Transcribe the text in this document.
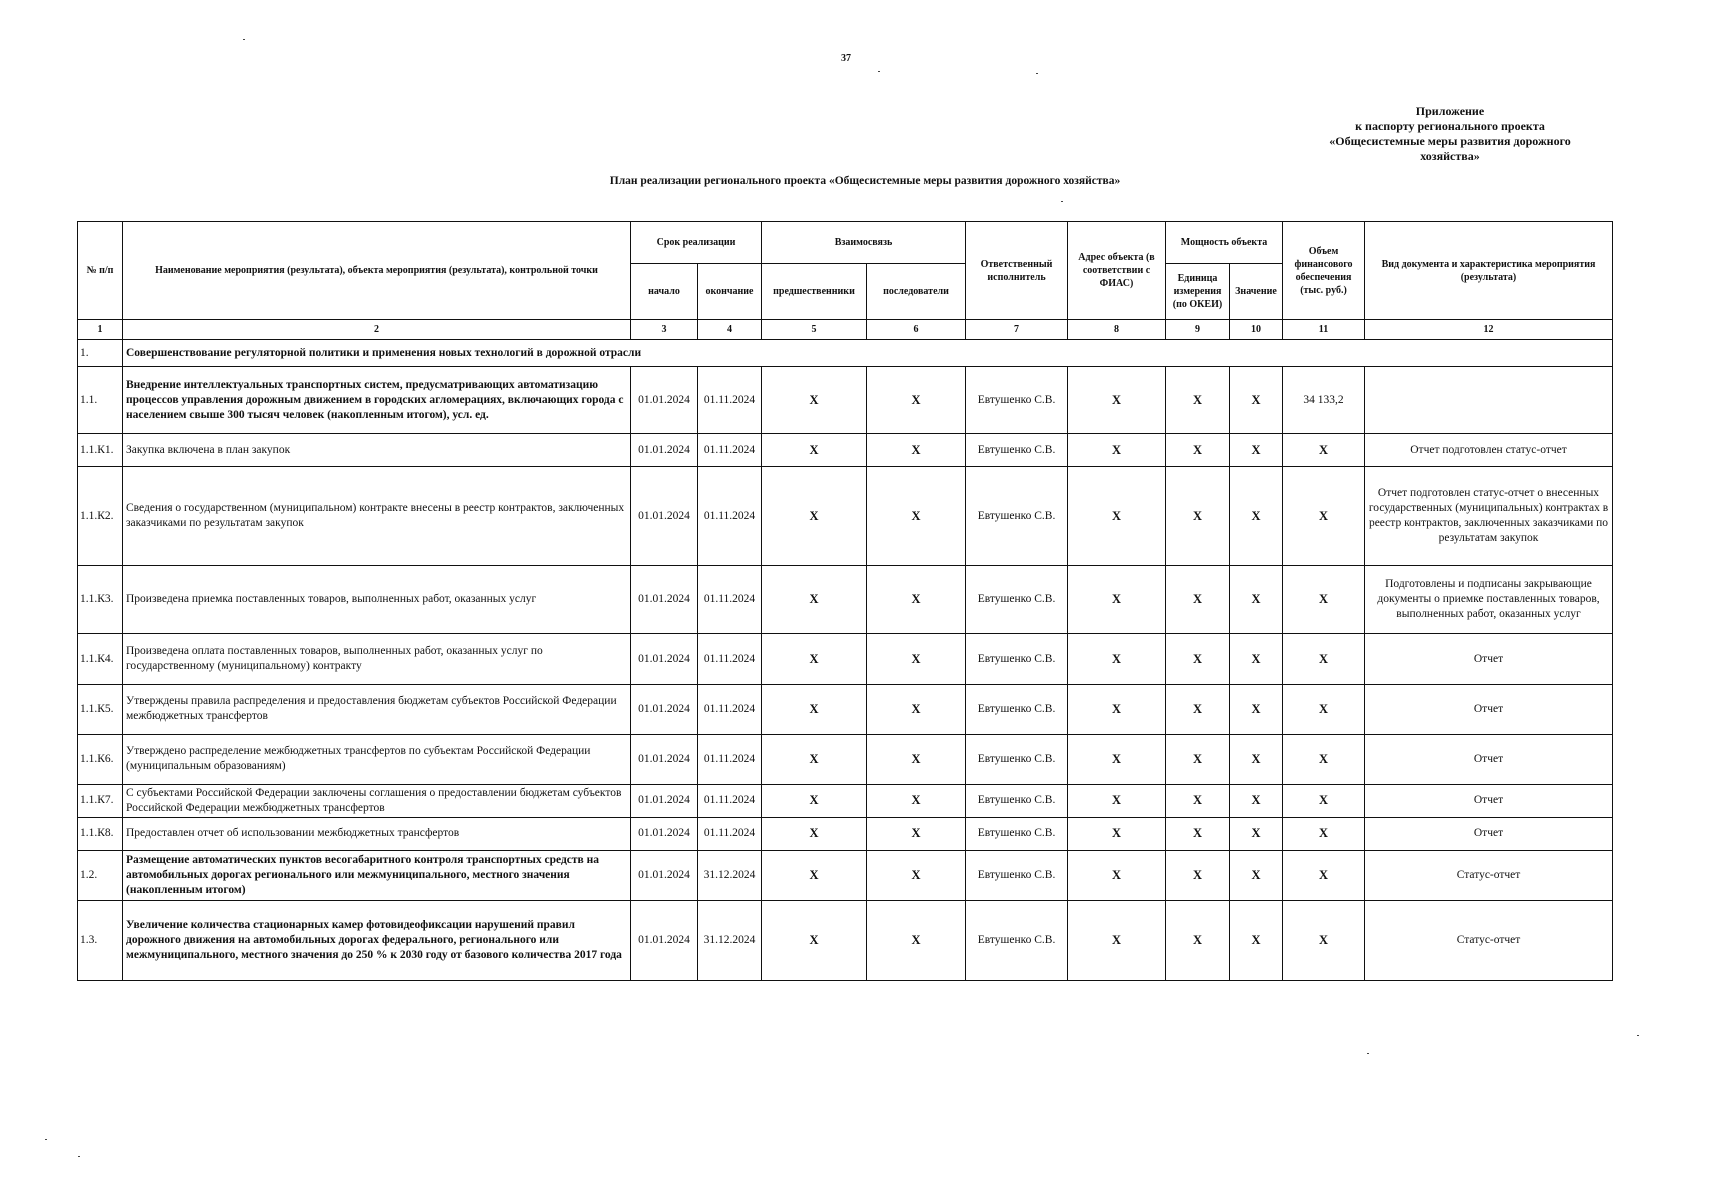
37
Приложение
к паспорту регионального проекта
«Общесистемные меры развития дорожного
хозяйства»
План реализации регионального проекта «Общесистемные меры развития дорожного хозяйства»
№ п/п	Наименование мероприятия (результата), объекта мероприятия (результата), контрольной точки	Срок реализации		Взаимосвязь		Ответственный исполнитель	Адрес объекта (в соответствии с ФИАС)	Мощность объекта		Объем финансового обеспечения (тыс. руб.)	Вид документа и характеристика мероприятия (результата)
		начало	окончание	предшественники	последователи			Единица измерения (по ОКЕИ)	Значение		
1	2	3	4	5	6	7	8	9	10	11	12
1.	Совершенствование регуляторной политики и применения новых технологий в дорожной отрасли										
1.1.	Внедрение интеллектуальных транспортных систем, предусматривающих автоматизацию процессов управления дорожным движением в городских агломерациях, включающих города с населением свыше 300 тысяч человек (накопленным итогом), усл. ед.	01.01.2024	01.11.2024	X	X	Евтушенко С.В.	X	X	X	34 133,2	
1.1.К1.	Закупка включена в план закупок	01.01.2024	01.11.2024	X	X	Евтушенко С.В.	X	X	X	X	Отчет подготовлен статус-отчет
1.1.К2.	Сведения о государственном (муниципальном) контракте внесены в реестр контрактов, заключенных заказчиками по результатам закупок	01.01.2024	01.11.2024	X	X	Евтушенко С.В.	X	X	X	X	Отчет подготовлен статус-отчет о внесенных государственных (муниципальных) контрактах в реестр контрактов, заключенных заказчиками по результатам закупок
1.1.К3.	Произведена приемка поставленных товаров, выполненных работ, оказанных услуг	01.01.2024	01.11.2024	X	X	Евтушенко С.В.	X	X	X	X	Подготовлены и подписаны закрывающие документы о приемке поставленных товаров, выполненных работ, оказанных услуг
1.1.К4.	Произведена оплата поставленных товаров, выполненных работ, оказанных услуг по государственному (муниципальному) контракту	01.01.2024	01.11.2024	X	X	Евтушенко С.В.	X	X	X	X	Отчет
1.1.К5.	Утверждены правила распределения и предоставления бюджетам субъектов Российской Федерации межбюджетных трансфертов	01.01.2024	01.11.2024	X	X	Евтушенко С.В.	X	X	X	X	Отчет
1.1.К6.	Утверждено распределение межбюджетных трансфертов по субъектам Российской Федерации (муниципальным образованиям)	01.01.2024	01.11.2024	X	X	Евтушенко С.В.	X	X	X	X	Отчет
1.1.К7.	С субъектами Российской Федерации заключены соглашения о предоставлении бюджетам субъектов Российской Федерации межбюджетных трансфертов	01.01.2024	01.11.2024	X	X	Евтушенко С.В.	X	X	X	X	Отчет
1.1.К8.	Предоставлен отчет об использовании межбюджетных трансфертов	01.01.2024	01.11.2024	X	X	Евтушенко С.В.	X	X	X	X	Отчет
1.2.	Размещение автоматических пунктов весогабаритного контроля транспортных средств на автомобильных дорогах регионального или межмуниципального, местного значения (накопленным итогом)	01.01.2024	31.12.2024	X	X	Евтушенко С.В.	X	X	X	X	Статус-отчет
1.3.	Увеличение количества стационарных камер фотовидеофиксации нарушений правил дорожного движения на автомобильных дорогах федерального, регионального или межмуниципального, местного значения до 250 % к 2030 году от базового количества 2017 года	01.01.2024	31.12.2024	X	X	Евтушенко С.В.	X	X	X	X	Статус-отчет
